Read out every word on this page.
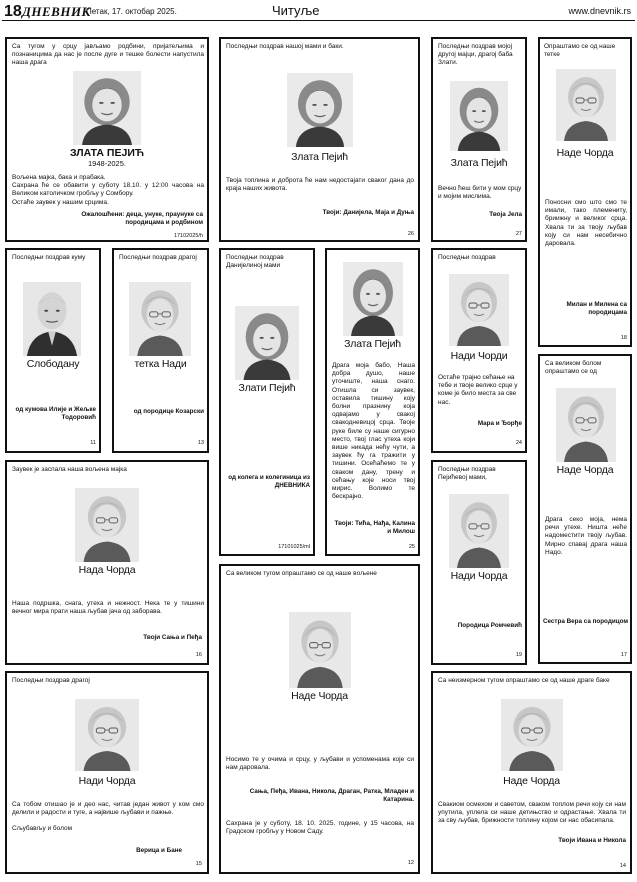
18 ДНЕВНИК
Петак, 17. октобар 2025.	Читуље	www.dnevnik.rs
Са тугом у срцу јављамо родбини, пријатељима и познаницима да нас је после дуге и тешке болести напустила наша драга
ЗЛАТА ПЕЈИЋ
1948-2025.
Вољена мајка, бака и прабака.
Сахрана ће се обавити у суботу 18.10. у 12:00 часова на Великом католичком гробљу у Сомбору.
Остаће заувек у нашим срцима.
Ожалошћени: деца, унуке, праунуке са породицама и родбином
17102025/h
Последњи поздрав нашој мами и баки.
Злата Пејић
Твоја топлина и доброта ће нам недостајати сваког дана до краја наших живота.
Твоји: Данијела, Маја и Дуња
26
Последњи поздрав мојој другој мајци, драгој баба Злати.
Злата Пејић
Вечно ћеш бити у мом срцу и мојим мислима.
Твоја Јела
27
Опраштамо се од наше тетке
Наде Чорда
Поносни смо што смо те имали, тако племениту, бриижну и великог срца. Хвала ти за твоју љубав коју си нам несебично даровала.
Милан и Милена са породицама
18
Последњи поздрав куму
Слободану
од кумова Илије и Жељке Тодоровић
11
Последњи поздрав драгој
тетка Нади
од породице Козарски
13
Последњи поздрав Данијелиној мами
Злати Пејић
од колега и колегиница из ДНЕВНИКА
17101025/ml
Злата Пејић
Драга моја бабо, Наша добра душо, наше уточиште, наша снаго. Отишла си заувек, оставила тишину коју болни празнину која одвајамо у свакој свакодневицој срца. Твоје руке биле су наше сигурно место, твој глас утеха који више никада нећу чути, а заувек ћу га тражити у тишини. Осећаћемо те у сваком дану, трену и сећању које носи твој мирис. Волимо те бескрајно.
Твоји: Тића, Нађа, Калина и Милош
25
Последњи поздрав
Нади Чорди
Остаће трајно сећање на тебе и твоје велико срце у коме је било места за све нас.
Мара и Ђорђе
24
Са великом болом опраштамо се од
Наде Чорда
Драга секо моја, нема речи утехе. Ништа неће надоместити твоју љубав. Мирно спавај драга наша Надо.
Сестра Вера са породицом
17
Заувек је заспала наша вољена мајка
Нада Чорда
Наша подршка, снага, утеха и нежност. Нека те у тишини вечног мира прати наша љубав јача од заборава.
Твоји Сања и Пеђа
16
Последњи поздрав Пејићевој мами,
Нади Чорда
Породица Ромчевић
19
Са великом тугом опраштамо се од наше вољене
Наде Чорда
Носимо те у очима и срцу, у љубави и успоменама које си нам даровала.
Сања, Пеђа, Ивана, Никола, Драган, Ратка, Младен и Катарина.
Сахрана је у суботу, 18. 10. 2025. године, у 15 часова, на Градском гробљу у Новом Саду.
12
Последњи поздрав драгој
Нади Чорда
Са тобом отишао је и део нас, читав један живот у ком смо делили и радости и туге, а највише љубави и пажње.
Сљубављу и болом
Верица и Бане
15
Са неизмерном тугом опраштамо се од наше драге баке
Наде Чорда
Свакиом осмехом и саветом, сваком топлом речи коју си нам упутила, уплела си наше детињство и одрастање. Хвала ти за сву љубав, брижности топлину којом си нас обасипала.
Твоји Ивана и Никола
14
